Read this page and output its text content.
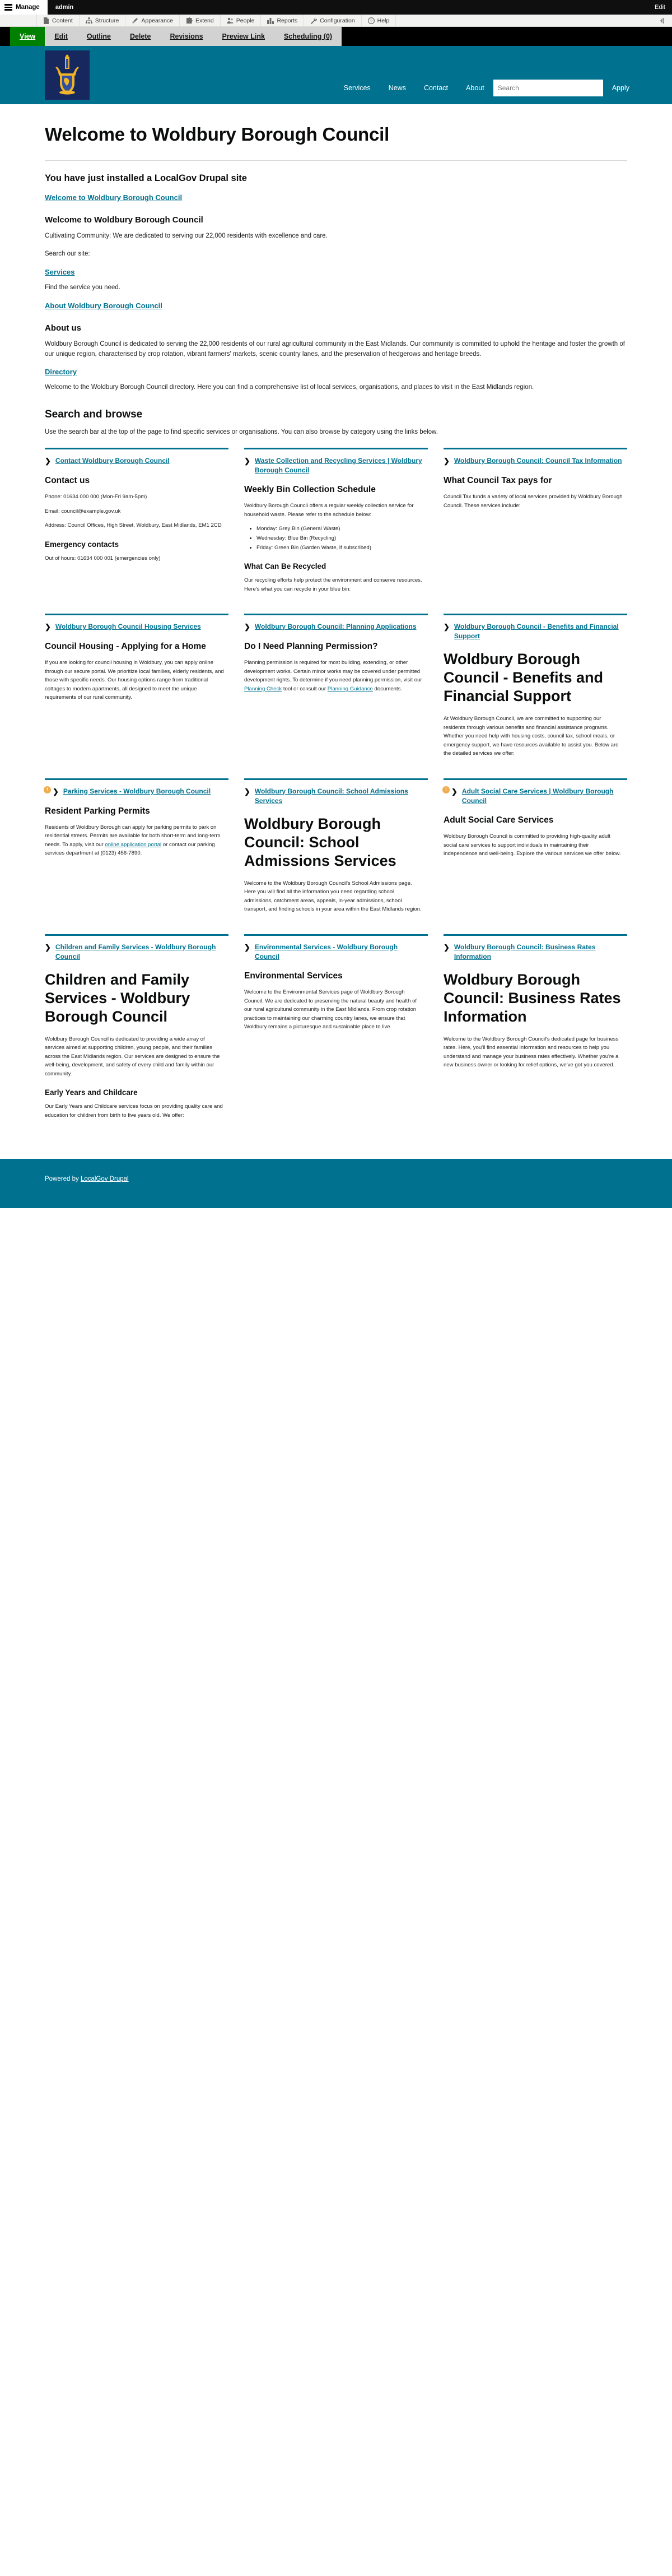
Manage	admin	Edit
Content	Structure	Appearance	Extend	People	Reports	Configuration	? Help
View	Edit	Outline	Delete	Revisions	Preview Link	Scheduling (0)
Services	News	Contact	About
Search	Apply
Welcome to Woldbury Borough Council
You have just installed a LocalGov Drupal site

Welcome to Woldbury Borough Council

Welcome to Woldbury Borough Council

Cultivating Community: We are dedicated to serving our 22,000 residents with excellence and care.

Search our site:

Services

Find the service you need.

About Woldbury Borough Council

About us

Woldbury Borough Council is dedicated to serving the 22,000 residents of our rural agricultural community in the East Midlands. Our community is committed to uphold the heritage and foster the growth of our unique region, characterised by crop rotation, vibrant farmers' markets, scenic country lanes, and the preservation of hedgerows and heritage breeds.

Directory

Welcome to the Woldbury Borough Council directory. Here you can find a comprehensive list of local services, organisations, and places to visit in the East Midlands region.

Search and browse

Use the search bar at the top of the page to find specific services or organisations. You can also browse by category using the links below.

❯ Contact Woldbury Borough Council
Contact us

Phone: 01634 000 000 (Mon-Fri 9am-5pm)

Email: council@example.gov.uk

Address: Council Offices, High Street, Woldbury, East Midlands, EM1 2CD

Emergency contacts

Out of hours: 01634 000 001 (emergencies only)

❯ Waste Collection and Recycling Services | Woldbury Borough Council
Weekly Bin Collection Schedule

Woldbury Borough Council offers a regular weekly collection service for household waste. Please refer to the schedule below:

• Monday: Grey Bin (General Waste)
• Wednesday: Blue Bin (Recycling)
• Friday: Green Bin (Garden Waste, if subscribed)
What Can Be Recycled

Our recycling efforts help protect the environment and conserve resources. Here's what you can recycle in your blue bin:

❯ Woldbury Borough Council: Council Tax Information
What Council Tax pays for

Council Tax funds a variety of local services provided by Woldbury Borough Council. These services include:

❯ Woldbury Borough Council Housing Services
Council Housing - Applying for a Home

If you are looking for council housing in Woldbury, you can apply online through our secure portal. We prioritize local families, elderly residents, and those with specific needs. Our housing options range from traditional cottages to modern apartments, all designed to meet the unique requirements of our rural community.

❯ Woldbury Borough Council: Planning Applications
Do I Need Planning Permission?

Planning permission is required for most building, extending, or other development works. Certain minor works may be covered under permitted development rights. To determine if you need planning permission, visit our Planning Check tool or consult our Planning Guidance documents.

❯ Woldbury Borough Council - Benefits and Financial Support
Woldbury Borough Council - Benefits and Financial Support

At Woldbury Borough Council, we are committed to supporting our residents through various benefits and financial assistance programs. Whether you need help with housing costs, council tax, school meals, or emergency support, we have resources available to assist you. Below are the detailed services we offer:

! ❯ Parking Services - Woldbury Borough Council
Resident Parking Permits

Residents of Woldbury Borough can apply for parking permits to park on residential streets. Permits are available for both short-term and long-term needs. To apply, visit our online application portal or contact our parking services department at (0123) 456-7890.

❯ Woldbury Borough Council: School Admissions Services
Woldbury Borough Council: School Admissions Services

Welcome to the Woldbury Borough Council's School Admissions page. Here you will find all the information you need regarding school admissions, catchment areas, appeals, in-year admissions, school transport, and finding schools in your area within the East Midlands region.

! ❯ Adult Social Care Services | Woldbury Borough Council
Adult Social Care Services

Woldbury Borough Council is committed to providing high-quality adult social care services to support individuals in maintaining their independence and well-being. Explore the various services we offer below.

❯ Children and Family Services - Woldbury Borough Council
Children and Family Services - Woldbury Borough Council

Woldbury Borough Council is dedicated to providing a wide array of services aimed at supporting children, young people, and their families across the East Midlands region. Our services are designed to ensure the well-being, development, and safety of every child and family within our community.

Early Years and Childcare

Our Early Years and Childcare services focus on providing quality care and education for children from birth to five years old. We offer:

❯ Environmental Services - Woldbury Borough Council
Environmental Services

Welcome to the Environmental Services page of Woldbury Borough Council. We are dedicated to preserving the natural beauty and health of our rural agricultural community in the East Midlands. From crop rotation practices to maintaining our charming country lanes, we ensure that Woldbury remains a picturesque and sustainable place to live.

❯ Woldbury Borough Council: Business Rates Information
Woldbury Borough Council: Business Rates Information

Welcome to the Woldbury Borough Council's dedicated page for business rates. Here, you'll find essential information and resources to help you understand and manage your business rates effectively. Whether you're a new business owner or looking for relief options, we've got you covered.

Powered by LocalGov Drupal
